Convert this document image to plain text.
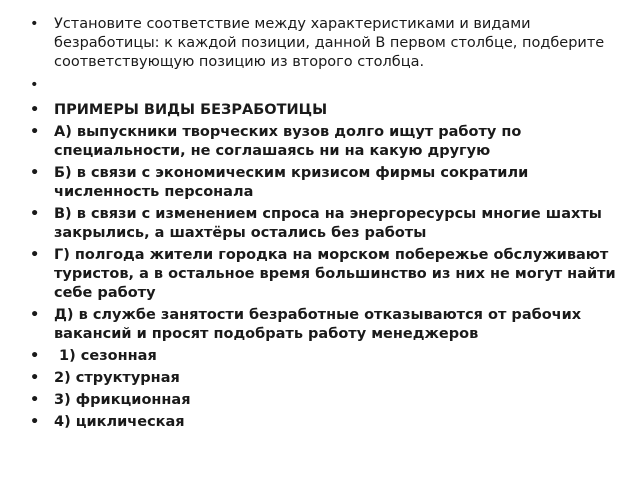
• Установите соответствие между характеристиками и видами безработицы: к каждой позиции, данной В первом столбце, подберите соответствующую позицию из второго столбца.
•
• ПРИМЕРЫ ВИДЫ БЕЗРАБОТИЦЫ
• А) выпускники творческих вузов долго ищут работу по специальности, не соглашаясь ни на какую другую
• Б) в связи с экономическим кризисом фирмы сократили численность персонала
• В) в связи с изменением спроса на энергоресурсы многие шахты закрылись, а шахтёры остались без работы
• Г) полгода жители городка на морском побережье обслуживают туристов, а в остальное время большинство из них не могут найти себе работу
• Д) в службе занятости безработные отказываются от рабочих вакансий и просят подобрать работу менеджеров
• 1) сезонная
• 2) структурная
• 3) фрикционная
• 4) циклическая
